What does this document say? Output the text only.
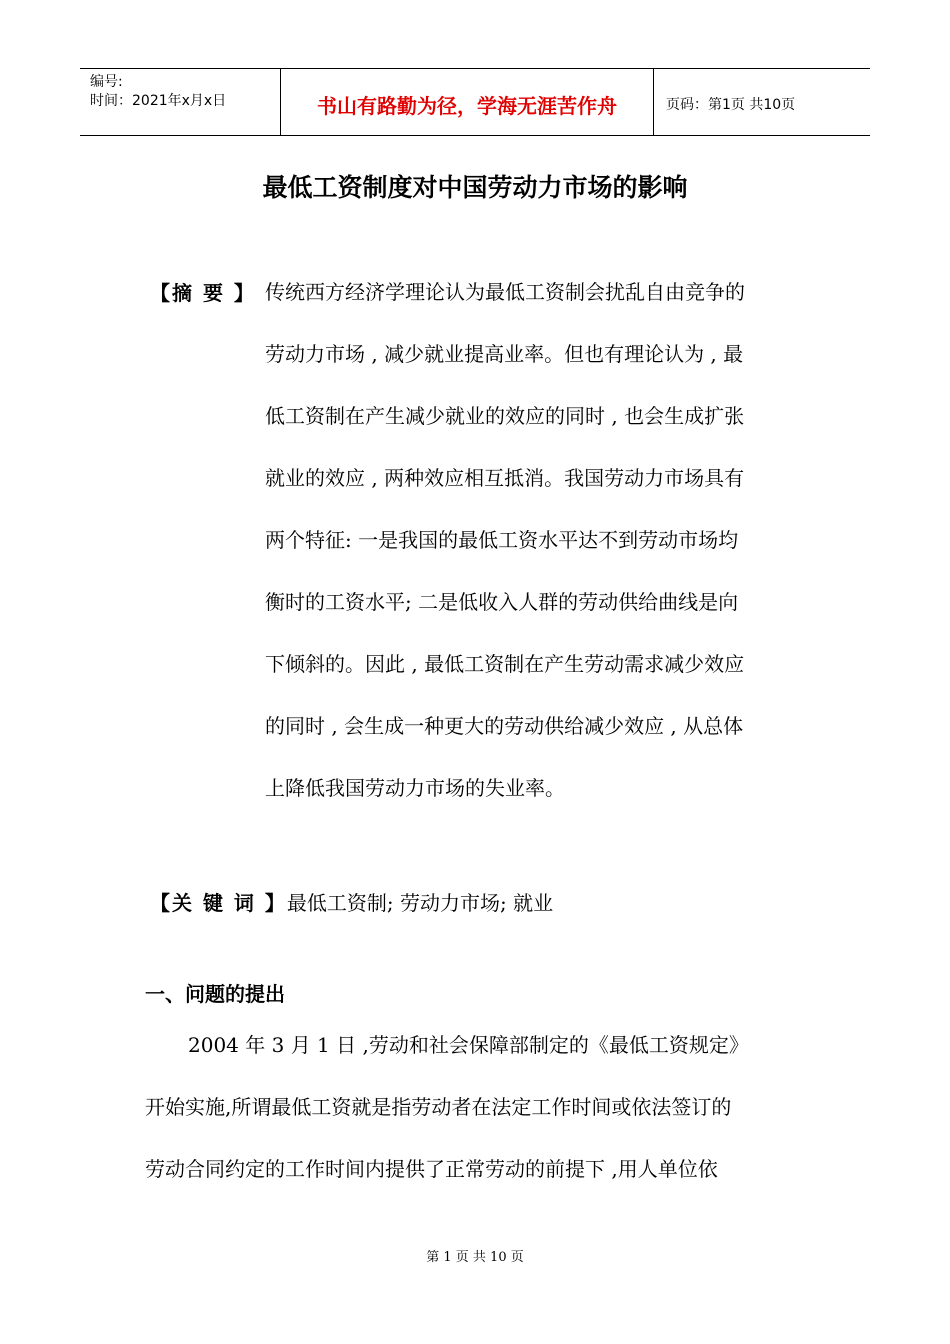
编号:
时间：2021年x月x日	书山有路勤为径，学海无涯苦作舟	页码：第1页 共10页
最低工资制度对中国劳动力市场的影响
【摘 要 】 传统西方经济学理论认为最低工资制会扰乱自由竞争的
劳动力市场 , 减少就业提高业率。但也有理论认为 , 最
低工资制在产生减少就业的效应的同时 , 也会生成扩张
就业的效应 , 两种效应相互抵消。我国劳动力市场具有
两个特征: 一是我国的最低工资水平达不到劳动市场均
衡时的工资水平; 二是低收入人群的劳动供给曲线是向
下倾斜的。因此 , 最低工资制在产生劳动需求减少效应
的同时 , 会生成一种更大的劳动供给减少效应 , 从总体
上降低我国劳动力市场的失业率。
【关 键 词 】最低工资制; 劳动力市场; 就业
一、问题的提出
2004 年 3 月 1 日 ,劳动和社会保障部制定的《最低工资规定》
开始实施,所谓最低工资就是指劳动者在法定工作时间或依法签订的
劳动合同约定的工作时间内提供了正常劳动的前提下 ,用人单位依
第 1 页 共 10 页
